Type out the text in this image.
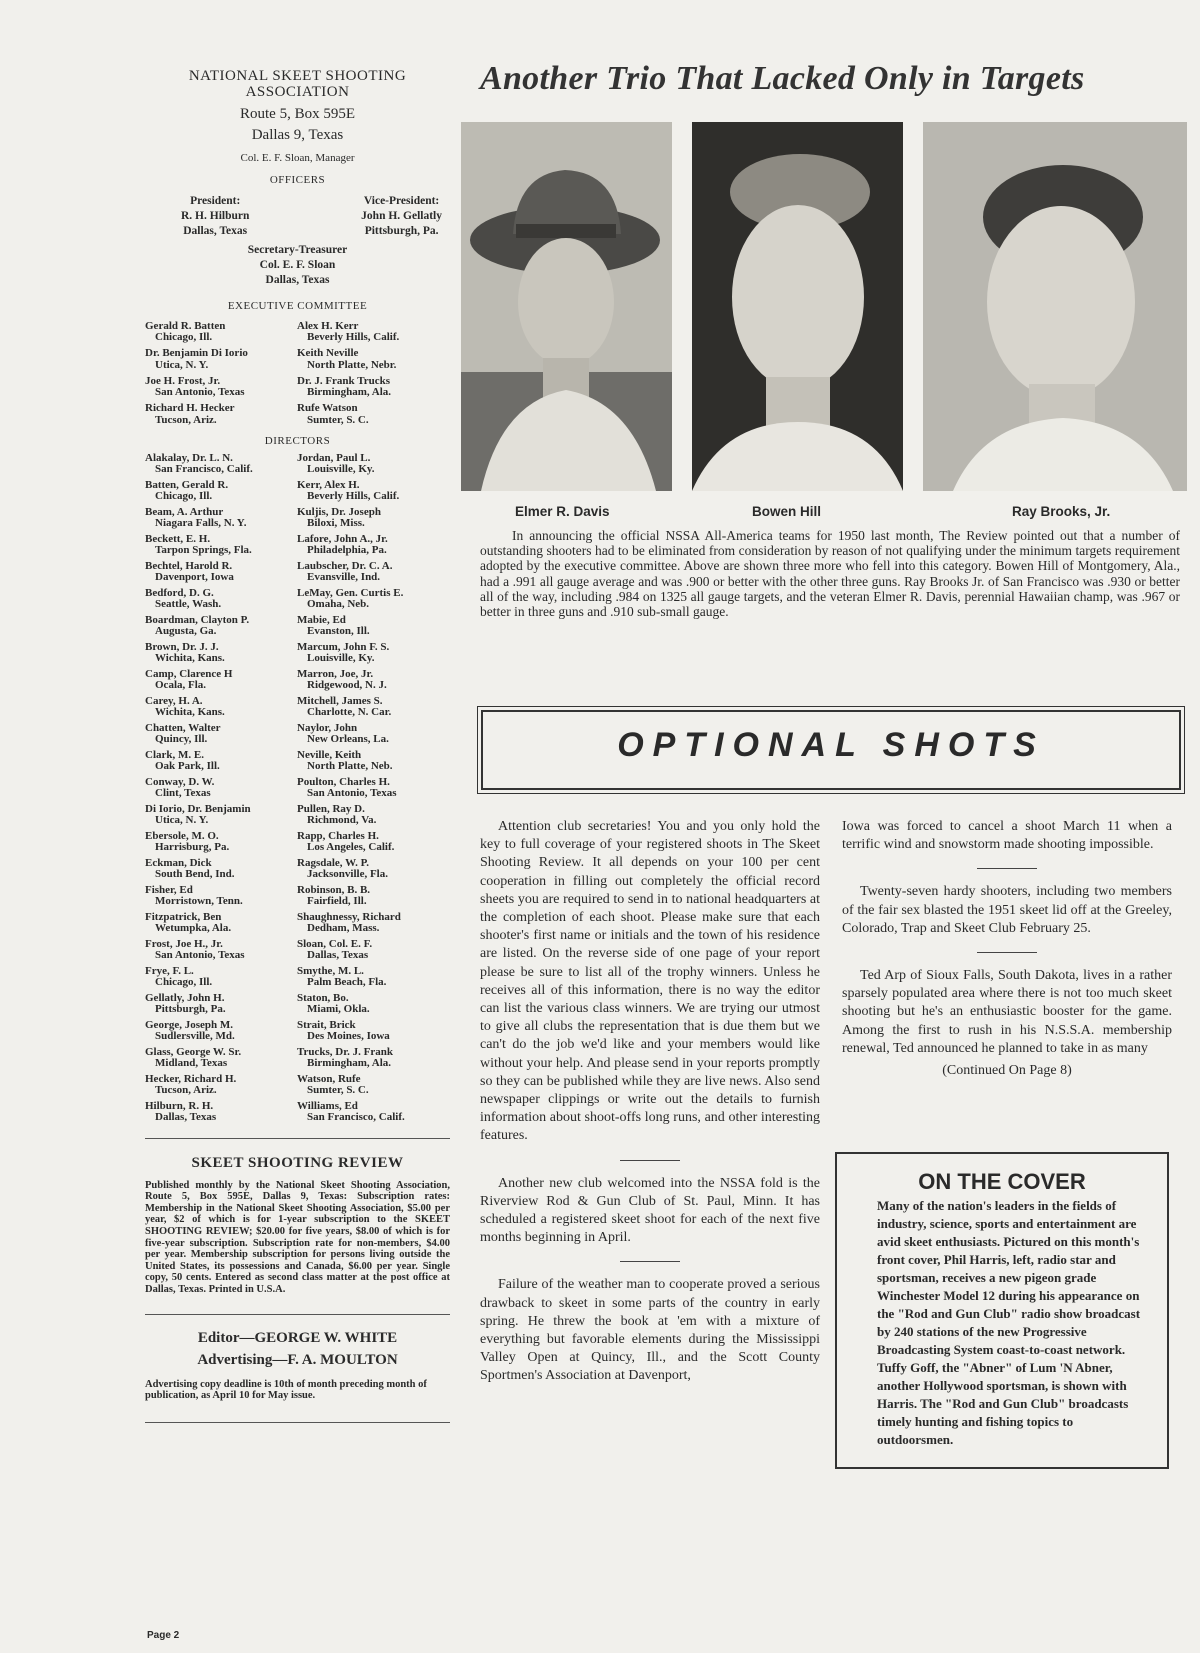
NATIONAL SKEET SHOOTING ASSOCIATION
Route 5, Box 595E
Dallas 9, Texas
Col. E. F. Sloan, Manager
OFFICERS
President:
R. H. Hilburn
Dallas, Texas
Vice-President:
John H. Gellatly
Pittsburgh, Pa.
Secretary-Treasurer
Col. E. F. Sloan
Dallas, Texas
EXECUTIVE COMMITTEE
Gerald R. Batten
Chicago, Ill.
Alex H. Kerr
Beverly Hills, Calif.
Dr. Benjamin Di Iorio
Utica, N. Y.
Keith Neville
North Platte, Nebr.
Joe H. Frost, Jr.
San Antonio, Texas
Dr. J. Frank Trucks
Birmingham, Ala.
Richard H. Hecker
Tucson, Ariz.
Rufe Watson
Sumter, S. C.
DIRECTORS
Alakalay, Dr. L. N.
San Francisco, Calif.
Jordan, Paul L.
Louisville, Ky.
Batten, Gerald R.
Chicago, Ill.
Kerr, Alex H.
Beverly Hills, Calif.
Beam, A. Arthur
Niagara Falls, N. Y.
Kuljis, Dr. Joseph
Biloxi, Miss.
Beckett, E. H.
Tarpon Springs, Fla.
Lafore, John A., Jr.
Philadelphia, Pa.
Bechtel, Harold R.
Davenport, Iowa
Laubscher, Dr. C. A.
Evansville, Ind.
Bedford, D. G.
Seattle, Wash.
LeMay, Gen. Curtis E.
Omaha, Neb.
Boardman, Clayton P.
Augusta, Ga.
Mabie, Ed
Evanston, Ill.
Brown, Dr. J. J.
Wichita, Kans.
Marcum, John F. S.
Louisville, Ky.
Camp, Clarence H
Ocala, Fla.
Marron, Joe, Jr.
Ridgewood, N. J.
Carey, H. A.
Wichita, Kans.
Mitchell, James S.
Charlotte, N. Car.
Chatten, Walter
Quincy, Ill.
Naylor, John
New Orleans, La.
Clark, M. E.
Oak Park, Ill.
Neville, Keith
North Platte, Neb.
Conway, D. W.
Clint, Texas
Poulton, Charles H.
San Antonio, Texas
Di Iorio, Dr. Benjamin
Utica, N. Y.
Pullen, Ray D.
Richmond, Va.
Ebersole, M. O.
Harrisburg, Pa.
Rapp, Charles H.
Los Angeles, Calif.
Eckman, Dick
South Bend, Ind.
Ragsdale, W. P.
Jacksonville, Fla.
Fisher, Ed
Morristown, Tenn.
Robinson, B. B.
Fairfield, Ill.
Fitzpatrick, Ben
Wetumpka, Ala.
Shaughnessy, Richard
Dedham, Mass.
Frost, Joe H., Jr.
San Antonio, Texas
Sloan, Col. E. F.
Dallas, Texas
Frye, F. L.
Chicago, Ill.
Smythe, M. L.
Palm Beach, Fla.
Gellatly, John H.
Pittsburgh, Pa.
Staton, Bo.
Miami, Okla.
George, Joseph M.
Sudlersville, Md.
Strait, Brick
Des Moines, Iowa
Glass, George W. Sr.
Midland, Texas
Trucks, Dr. J. Frank
Birmingham, Ala.
Hecker, Richard H.
Tucson, Ariz.
Watson, Rufe
Sumter, S. C.
Hilburn, R. H.
Dallas, Texas
Williams, Ed
San Francisco, Calif.
SKEET SHOOTING REVIEW
Published monthly by the National Skeet Shooting Association, Route 5, Box 595E, Dallas 9, Texas: Subscription rates: Membership in the National Skeet Shooting Association, $5.00 per year, $2 of which is for 1-year subscription to the SKEET SHOOTING REVIEW; $20.00 for five years, $8.00 of which is for five-year subscription. Subscription rate for non-members, $4.00 per year. Membership subscription for persons living outside the United States, its possessions and Canada, $6.00 per year. Single copy, 50 cents. Entered as second class matter at the post office at Dallas, Texas. Printed in U.S.A.
Editor—GEORGE W. WHITE
Advertising—F. A. MOULTON
Advertising copy deadline is 10th of month preceding month of publication, as April 10 for May issue.
Another Trio That Lacked Only in Targets
Elmer R. Davis	Bowen Hill	Ray Brooks, Jr.
In announcing the official NSSA All-America teams for 1950 last month, The Review pointed out that a number of outstanding shooters had to be eliminated from consideration by reason of not qualifying under the minimum targets requirement adopted by the executive committee. Above are shown three more who fell into this category. Bowen Hill of Montgomery, Ala., had a .991 all gauge average and was .900 or better with the other three guns. Ray Brooks Jr. of San Francisco was .930 or better all of the way, including .984 on 1325 all gauge targets, and the veteran Elmer R. Davis, perennial Hawaiian champ, was .967 or better in three guns and .910 sub-small gauge.
OPTIONAL SHOTS

Attention club secretaries! You and you only hold the key to full coverage of your registered shoots in The Skeet Shooting Review. It all depends on your 100 per cent cooperation in filling out completely the official record sheets you are required to send in to national headquarters at the completion of each shoot. Please make sure that each shooter's first name or initials and the town of his residence are listed. On the reverse side of one page of your report please be sure to list all of the trophy winners. Unless he receives all of this information, there is no way the editor can list the various class winners. We are trying our utmost to give all clubs the representation that is due them but we can't do the job we'd like and your members would like without your help. And please send in your reports promptly so they can be published while they are live news. Also send newspaper clippings or write out the details to furnish information about shoot-offs long runs, and other interesting features.

Another new club welcomed into the NSSA fold is the Riverview Rod & Gun Club of St. Paul, Minn. It has scheduled a registered skeet shoot for each of the next five months beginning in April.

Failure of the weather man to cooperate proved a serious drawback to skeet in some parts of the country in early spring. He threw the book at 'em with a mixture of everything but favorable elements during the Mississippi Valley Open at Quincy, Ill., and the Scott County Sportmen's Association at Davenport,

Iowa was forced to cancel a shoot March 11 when a terrific wind and snowstorm made shooting impossible.

Twenty-seven hardy shooters, including two members of the fair sex blasted the 1951 skeet lid off at the Greeley, Colorado, Trap and Skeet Club February 25.

Ted Arp of Sioux Falls, South Dakota, lives in a rather sparsely populated area where there is not too much skeet shooting but he's an enthusiastic booster for the game. Among the first to rush in his N.S.S.A. membership renewal, Ted announced he planned to take in as many

(Continued On Page 8)
ON THE COVER
Many of the nation's leaders in the fields of industry, science, sports and entertainment are avid skeet enthusiasts. Pictured on this month's front cover, Phil Harris, left, radio star and sportsman, receives a new pigeon grade Winchester Model 12 during his appearance on the "Rod and Gun Club" radio show broadcast by 240 stations of the new Progressive Broadcasting System coast-to-coast network. Tuffy Goff, the "Abner" of Lum 'N Abner, another Hollywood sportsman, is shown with Harris. The "Rod and Gun Club" broadcasts timely hunting and fishing topics to outdoorsmen.
Page 2
